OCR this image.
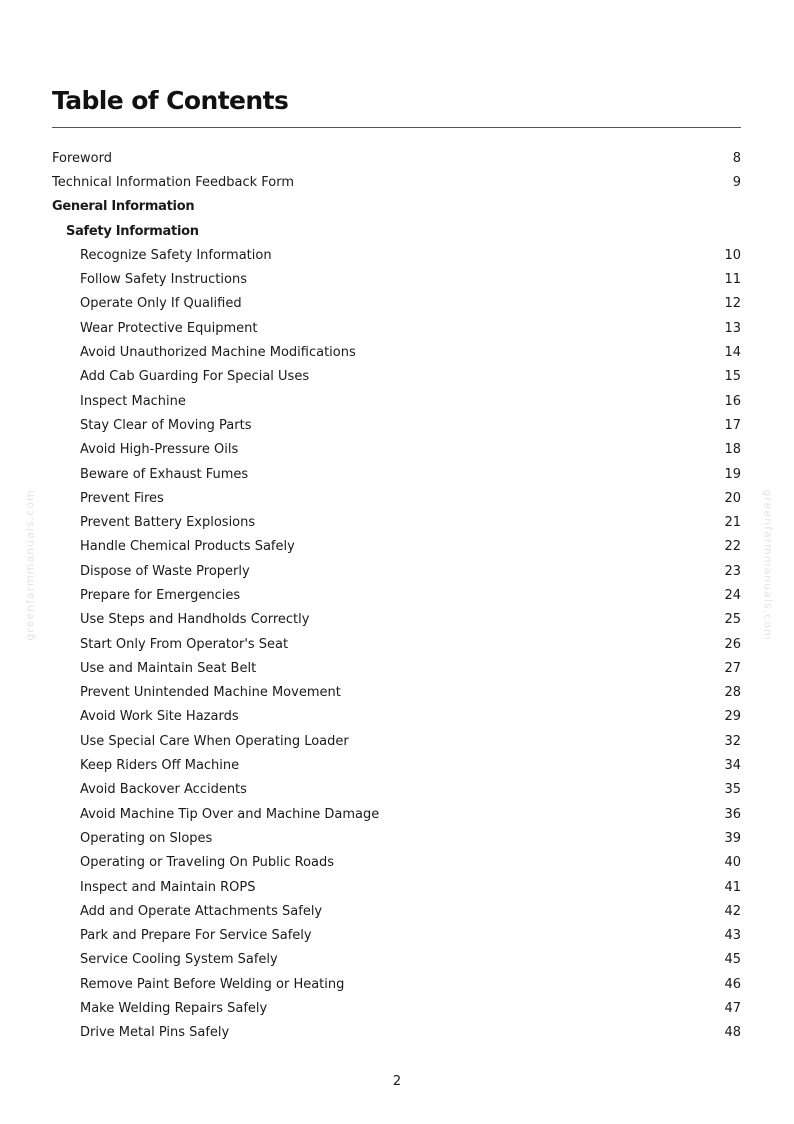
Table of Contents
Foreword	8
Technical Information Feedback Form	9
General Information
Safety Information
Recognize Safety Information	10
Follow Safety Instructions	11
Operate Only If Qualified	12
Wear Protective Equipment	13
Avoid Unauthorized Machine Modifications	14
Add Cab Guarding For Special Uses	15
Inspect Machine	16
Stay Clear of Moving Parts	17
Avoid High-Pressure Oils	18
Beware of Exhaust Fumes	19
Prevent Fires	20
Prevent Battery Explosions	21
Handle Chemical Products Safely	22
Dispose of Waste Properly	23
Prepare for Emergencies	24
Use Steps and Handholds Correctly	25
Start Only From Operator's Seat	26
Use and Maintain Seat Belt	27
Prevent Unintended Machine Movement	28
Avoid Work Site Hazards	29
Use Special Care When Operating Loader	32
Keep Riders Off Machine	34
Avoid Backover Accidents	35
Avoid Machine Tip Over and Machine Damage	36
Operating on Slopes	39
Operating or Traveling On Public Roads	40
Inspect and Maintain ROPS	41
Add and Operate Attachments Safely	42
Park and Prepare For Service Safely	43
Service Cooling System Safely	45
Remove Paint Before Welding or Heating	46
Make Welding Repairs Safely	47
Drive Metal Pins Safely	48
greenfarmmanuals.com	greenfarmmanuals.com
2
